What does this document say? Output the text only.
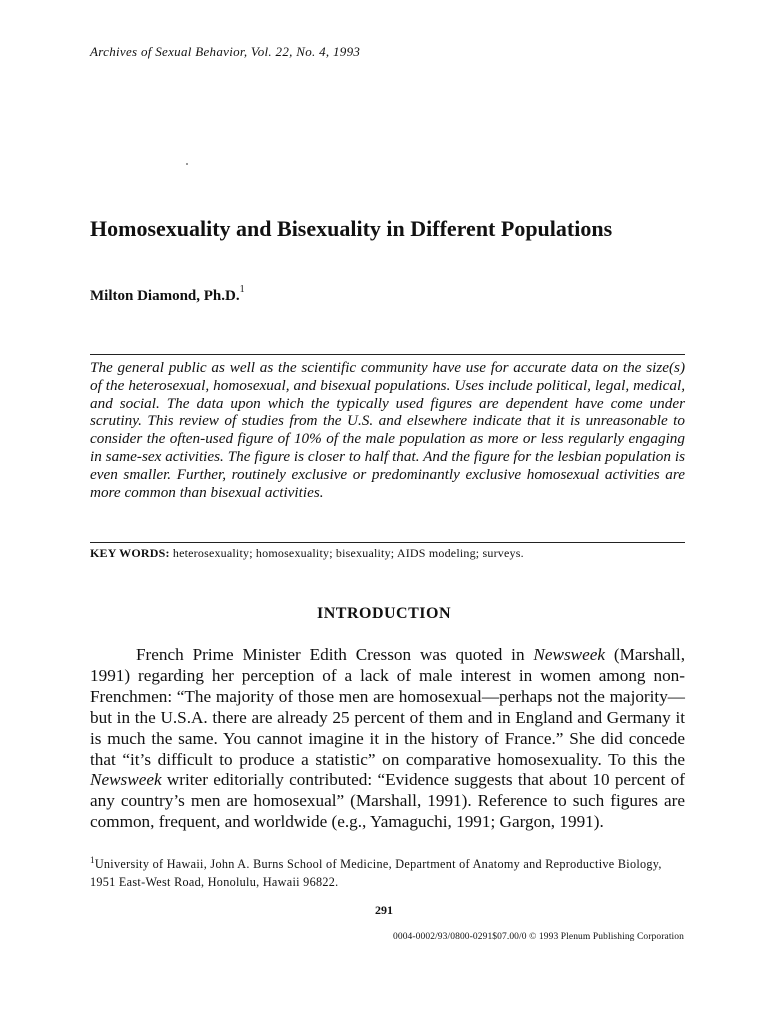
Archives of Sexual Behavior, Vol. 22, No. 4, 1993
Homosexuality and Bisexuality in Different Populations
Milton Diamond, Ph.D.$^1$

The general public as well as the scientific community have use for accurate data on the size(s) of the heterosexual, homosexual, and bisexual populations. Uses include political, legal, medical, and social. The data upon which the typically used figures are dependent have come under scrutiny. This review of studies from the U.S. and elsewhere indicate that it is unreasonable to consider the often-used figure of 10% of the male population as more or less regularly engaging in same-sex activities. The figure is closer to half that. And the figure for the lesbian population is even smaller. Further, routinely exclusive or predominantly exclusive homosexual activities are more common than bisexual activities.

KEY WORDS: heterosexuality; homosexuality; bisexuality; AIDS modeling; surveys.
INTRODUCTION

French Prime Minister Edith Cresson was quoted in Newsweek (Marshall, 1991) regarding her perception of a lack of male interest in women among non-Frenchmen: “The majority of those men are homosexual—perhaps not the majority—but in the U.S.A. there are already 25 percent of them and in England and Germany it is much the same. You cannot imagine it in the history of France.” She did concede that “it’s difficult to produce a statistic” on comparative homosexuality. To this the Newsweek writer editorially contributed: “Evidence suggests that about 10 percent of any country’s men are homosexual” (Marshall, 1991). Reference to such figures are common, frequent, and worldwide (e.g., Yamaguchi, 1991; Gargon, 1991).

$^1$University of Hawaii, John A. Burns School of Medicine, Department of Anatomy and Reproductive Biology, 1951 East-West Road, Honolulu, Hawaii 96822.

291
0004-0002/93/0800-0291$07.00/0 © 1993 Plenum Publishing Corporation
